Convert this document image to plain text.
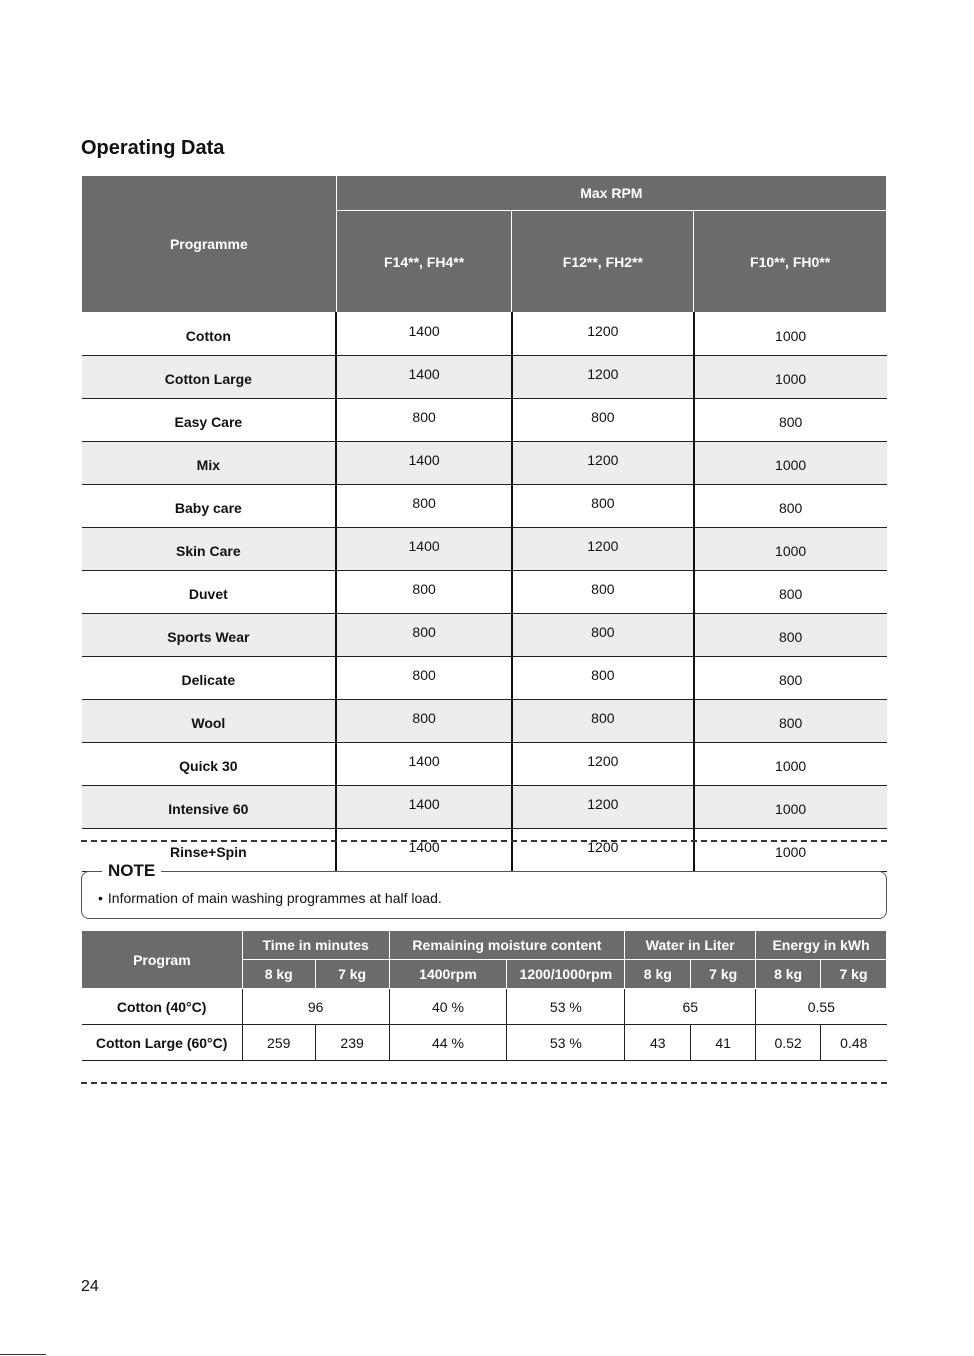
Operating Data
Programme	Max RPM		
	F14**, FH4**	F12**, FH2**	F10**, FH0**
Cotton	1400	1200	1000
Cotton Large	1400	1200	1000
Easy Care	800	800	800
Mix	1400	1200	1000
Baby care	800	800	800
Skin Care	1400	1200	1000
Duvet	800	800	800
Sports Wear	800	800	800
Delicate	800	800	800
Wool	800	800	800
Quick 30	1400	1200	1000
Intensive 60	1400	1200	1000
Rinse+Spin	1400	1200	1000
NOTE
• Information of main washing programmes at half load.
Program	Time in minutes		Remaining moisture content		Water in Liter		Energy in kWh	
	8 kg	7 kg	1400rpm	1200/1000rpm	8 kg	7 kg	8 kg	7 kg
Cotton (40°C)	96		40 %	53 %	65		0.55	
Cotton Large (60°C)	259	239	44 %	53 %	43	41	0.52	0.48
24
